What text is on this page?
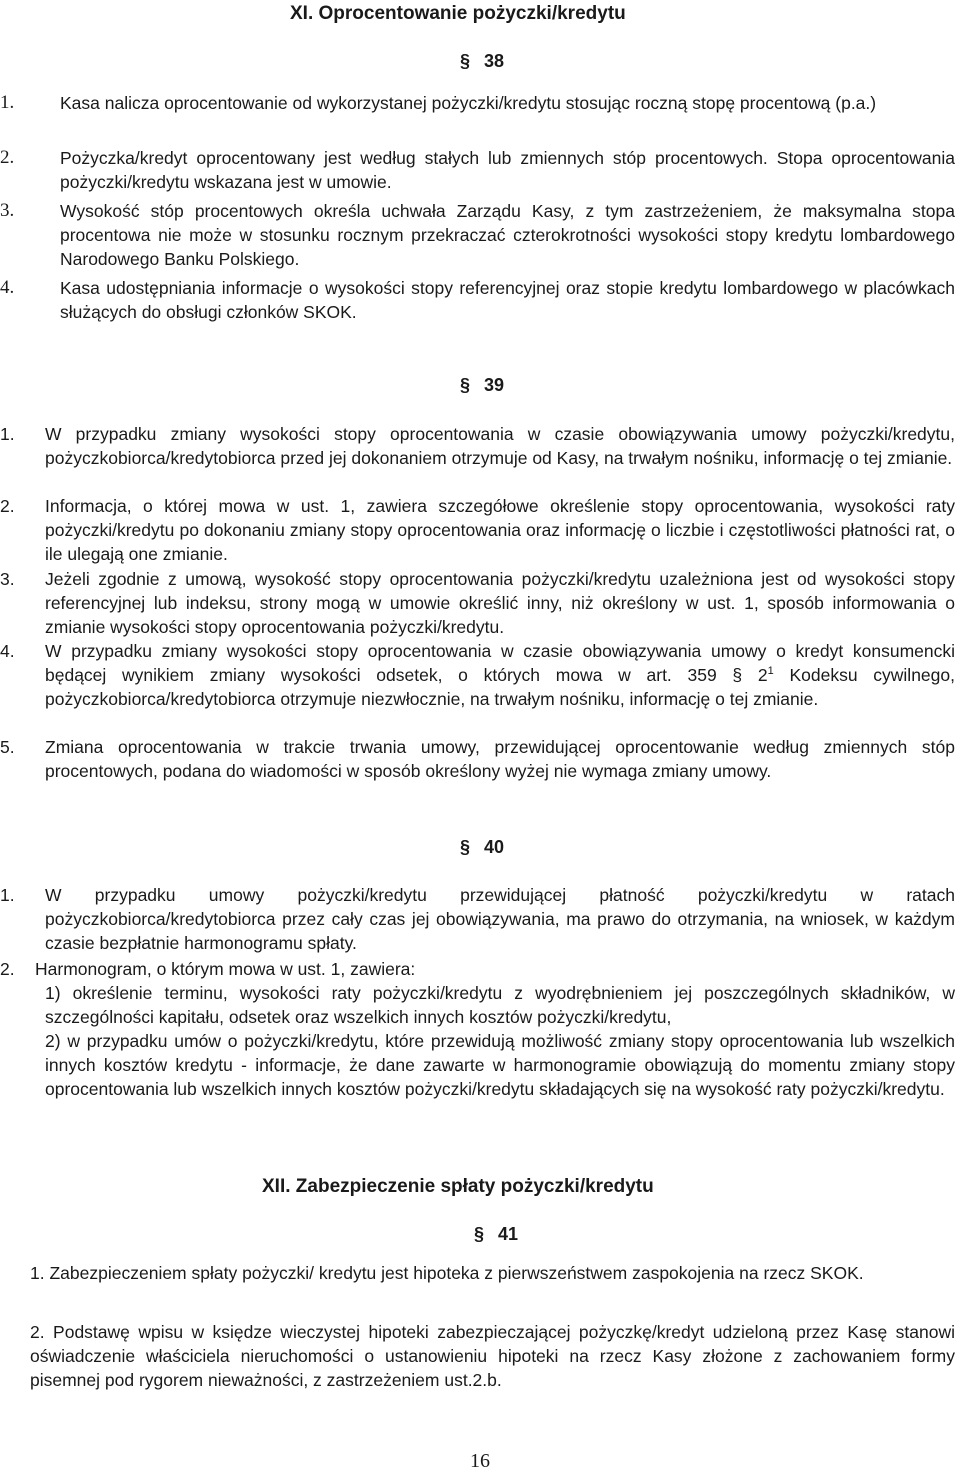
XI. Oprocentowanie pożyczki/kredytu
§ 38
1.	Kasa nalicza oprocentowanie od wykorzystanej pożyczki/kredytu stosując roczną stopę procentową (p.a.)
2.	Pożyczka/kredyt oprocentowany jest według stałych lub zmiennych stóp procentowych. Stopa oprocentowania pożyczki/kredytu wskazana jest w umowie.
3.	Wysokość stóp procentowych określa uchwała Zarządu Kasy, z tym zastrzeżeniem, że maksymalna stopa procentowa nie może w stosunku rocznym przekraczać czterokrotności wysokości stopy kredytu lombardowego Narodowego Banku Polskiego.
4.	Kasa udostępniania informacje o wysokości stopy referencyjnej oraz stopie kredytu lombardowego w placówkach służących do obsługi członków SKOK.
§ 39
1.	W przypadku zmiany wysokości stopy oprocentowania w czasie obowiązywania umowy pożyczki/kredytu, pożyczkobiorca/kredytobiorca przed jej dokonaniem otrzymuje od Kasy, na trwałym nośniku, informację o tej zmianie.
2.	Informacja, o której mowa w ust. 1, zawiera szczegółowe określenie stopy oprocentowania, wysokości raty pożyczki/kredytu po dokonaniu zmiany stopy oprocentowania oraz informację o liczbie i częstotliwości płatności rat, o ile ulegają one zmianie.
3.	Jeżeli zgodnie z umową, wysokość stopy oprocentowania pożyczki/kredytu uzależniona jest od wysokości stopy referencyjnej lub indeksu, strony mogą w umowie określić inny, niż określony w ust. 1, sposób informowania o zmianie wysokości stopy oprocentowania pożyczki/kredytu.
4.	W przypadku zmiany wysokości stopy oprocentowania w czasie obowiązywania umowy o kredyt konsumencki będącej wynikiem zmiany wysokości odsetek, o których mowa w art. 359 § $2^1$ Kodeksu cywilnego, pożyczkobiorca/kredytobiorca otrzymuje niezwłocznie, na trwałym nośniku, informację o tej zmianie.
5.	Zmiana oprocentowania w trakcie trwania umowy, przewidującej oprocentowanie według zmiennych stóp procentowych, podana do wiadomości w sposób określony wyżej nie wymaga zmiany umowy.
§ 40
1.	W przypadku umowy pożyczki/kredytu przewidującej płatność pożyczki/kredytu w ratach pożyczkobiorca/kredytobiorca przez cały czas jej obowiązywania, ma prawo do otrzymania, na wniosek, w każdym czasie bezpłatnie harmonogramu spłaty.
2.	Harmonogram, o którym mowa w ust. 1, zawiera:
1) określenie terminu, wysokości raty pożyczki/kredytu z wyodrębnieniem jej poszczególnych składników, w szczególności kapitału, odsetek oraz wszelkich innych kosztów pożyczki/kredytu,
2) w przypadku umów o pożyczki/kredytu, które przewidują możliwość zmiany stopy oprocentowania lub wszelkich innych kosztów kredytu - informacje, że dane zawarte w harmonogramie obowiązują do momentu zmiany stopy oprocentowania lub wszelkich innych kosztów pożyczki/kredytu składających się na wysokość raty pożyczki/kredytu.
XII. Zabezpieczenie spłaty pożyczki/kredytu
§ 41
1. Zabezpieczeniem spłaty pożyczki/ kredytu jest hipoteka z pierwszeństwem zaspokojenia na rzecz SKOK.
2. Podstawę wpisu w księdze wieczystej hipoteki zabezpieczającej pożyczkę/kredyt udzieloną przez Kasę stanowi oświadczenie właściciela nieruchomości o ustanowieniu hipoteki na rzecz Kasy złożone z zachowaniem formy pisemnej pod rygorem nieważności, z zastrzeżeniem ust.2.b.
16
